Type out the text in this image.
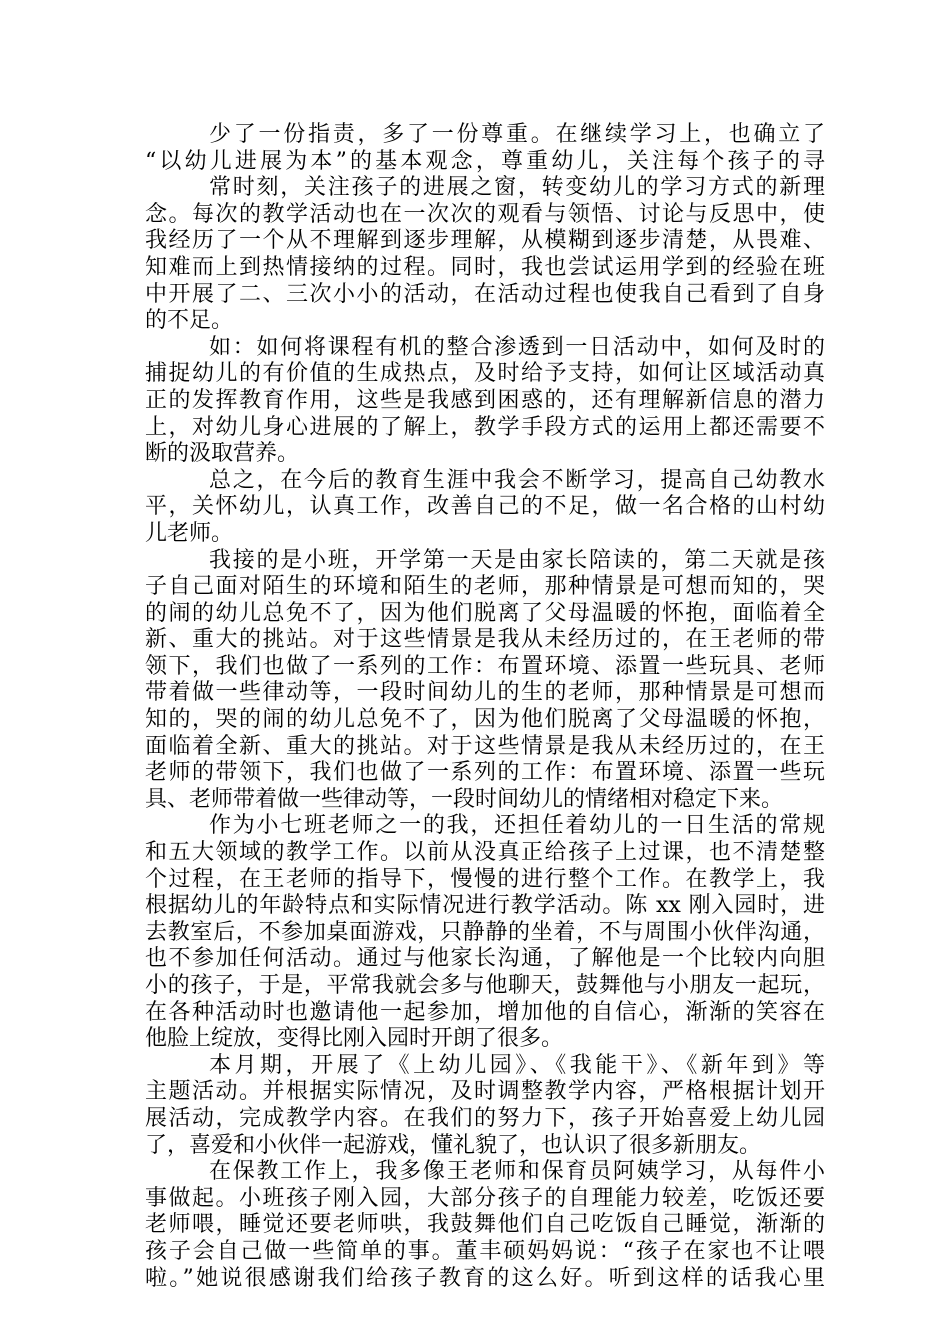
少了一份指责，多了一份尊重。在继续学习上，也确立了
“以幼儿进展为本”的基本观念，尊重幼儿，关注每个孩子的寻
常时刻，关注孩子的进展之窗，转变幼儿的学习方式的新理
念。每次的教学活动也在一次次的观看与领悟、讨论与反思中，使
我经历了一个从不理解到逐步理解，从模糊到逐步清楚，从畏难、
知难而上到热情接纳的过程。同时，我也尝试运用学到的经验在班
中开展了二、三次小小的活动，在活动过程也使我自己看到了自身
的不足。
如：如何将课程有机的整合渗透到一日活动中，如何及时的
捕捉幼儿的有价值的生成热点，及时给予支持，如何让区域活动真
正的发挥教育作用，这些是我感到困惑的，还有理解新信息的潜力
上，对幼儿身心进展的了解上，教学手段方式的运用上都还需要不
断的汲取营养。
总之，在今后的教育生涯中我会不断学习，提高自己幼教水
平，关怀幼儿，认真工作，改善自己的不足，做一名合格的山村幼
儿老师。
我接的是小班，开学第一天是由家长陪读的，第二天就是孩
子自己面对陌生的环境和陌生的老师，那种情景是可想而知的，哭
的闹的幼儿总免不了，因为他们脱离了父母温暖的怀抱，面临着全
新、重大的挑站。对于这些情景是我从未经历过的，在王老师的带
领下，我们也做了一系列的工作：布置环境、添置一些玩具、老师
带着做一些律动等，一段时间幼儿的生的老师，那种情景是可想而
知的，哭的闹的幼儿总免不了，因为他们脱离了父母温暖的怀抱，
面临着全新、重大的挑站。对于这些情景是我从未经历过的，在王
老师的带领下，我们也做了一系列的工作：布置环境、添置一些玩
具、老师带着做一些律动等，一段时间幼儿的情绪相对稳定下来。
作为小七班老师之一的我，还担任着幼儿的一日生活的常规
和五大领域的教学工作。以前从没真正给孩子上过课，也不清楚整
个过程，在王老师的指导下，慢慢的进行整个工作。在教学上，我
根据幼儿的年龄特点和实际情况进行教学活动。陈 xx 刚入园时，进
去教室后，不参加桌面游戏，只静静的坐着，不与周围小伙伴沟通，
也不参加任何活动。通过与他家长沟通，了解他是一个比较内向胆
小的孩子，于是，平常我就会多与他聊天，鼓舞他与小朋友一起玩，
在各种活动时也邀请他一起参加，增加他的自信心，渐渐的笑容在
他脸上绽放，变得比刚入园时开朗了很多。
本月期，开展了《上幼儿园》、《我能干》、《新年到》等
主题活动。并根据实际情况，及时调整教学内容，严格根据计划开
展活动，完成教学内容。在我们的努力下，孩子开始喜爱上幼儿园
了，喜爱和小伙伴一起游戏，懂礼貌了，也认识了很多新朋友。
在保教工作上，我多像王老师和保育员阿姨学习，从每件小
事做起。小班孩子刚入园，大部分孩子的自理能力较差，吃饭还要
老师喂，睡觉还要老师哄，我鼓舞他们自己吃饭自己睡觉，渐渐的
孩子会自己做一些简单的事。董丰硕妈妈说：“孩子在家也不让喂
啦。”她说很感谢我们给孩子教育的这么好。听到这样的话我心里
